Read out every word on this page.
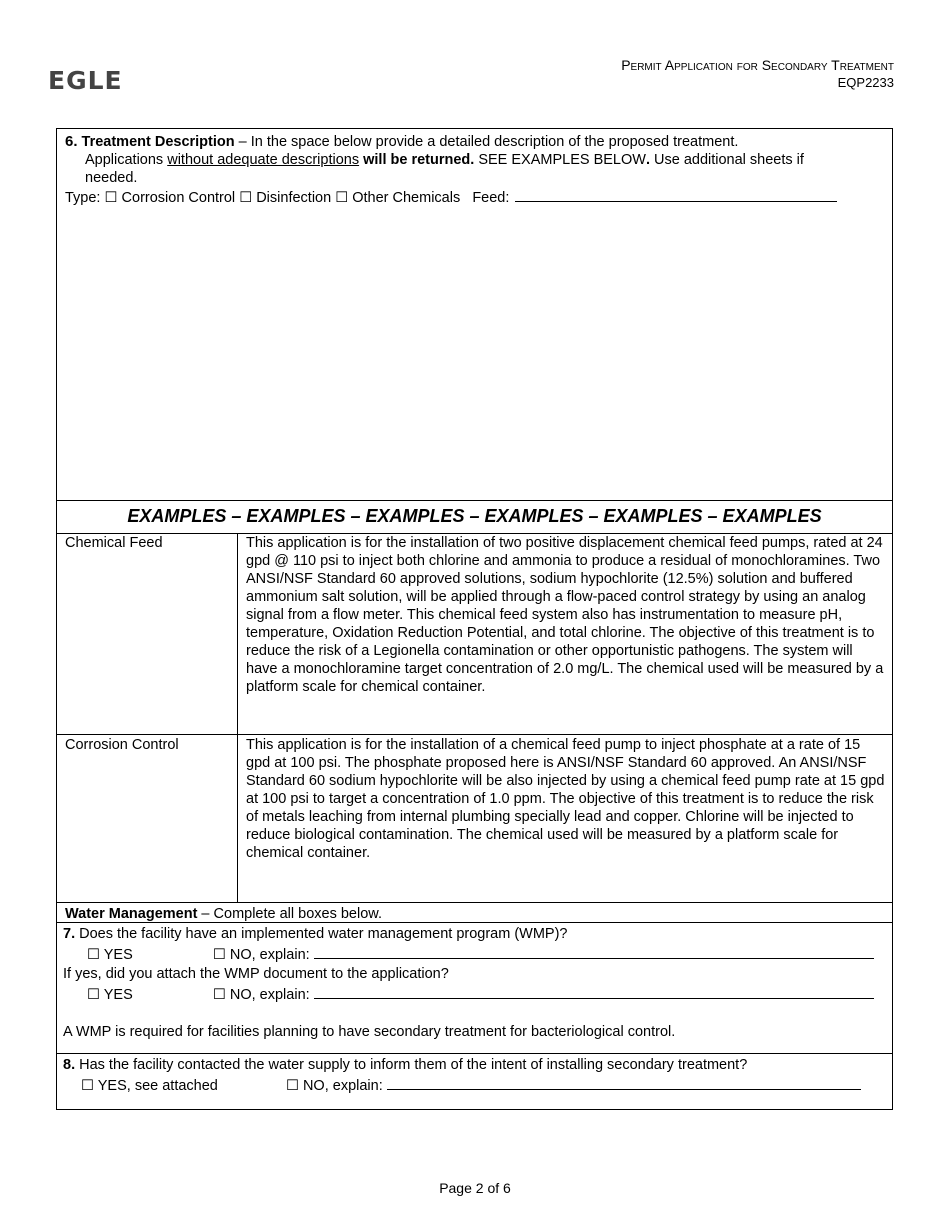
EGLE
Permit Application for Secondary Treatment
EQP2233
6. Treatment Description – In the space below provide a detailed description of the proposed treatment.
Applications without adequate descriptions will be returned. SEE EXAMPLES BELOW. Use additional sheets if
needed.
Type: ☐ Corrosion Control ☐ Disinfection ☐ Other Chemicals Feed:
EXAMPLES – EXAMPLES – EXAMPLES – EXAMPLES – EXAMPLES – EXAMPLES
Chemical Feed	This application is for the installation of two positive displacement chemical feed pumps, rated at 24 gpd @ 110 psi to inject both chlorine and ammonia to produce a residual of monochloramines. Two ANSI/NSF Standard 60 approved solutions, sodium hypochlorite (12.5%) solution and buffered ammonium salt solution, will be applied through a flow-paced control strategy by using an analog signal from a flow meter. This chemical feed system also has instrumentation to measure pH, temperature, Oxidation Reduction Potential, and total chlorine. The objective of this treatment is to reduce the risk of a Legionella contamination or other opportunistic pathogens. The system will have a monochloramine target concentration of 2.0 mg/L. The chemical used will be measured by a platform scale for chemical container.
Corrosion Control	This application is for the installation of a chemical feed pump to inject phosphate at a rate of 15 gpd at 100 psi. The phosphate proposed here is ANSI/NSF Standard 60 approved. An ANSI/NSF Standard 60 sodium hypochlorite will be also injected by using a chemical feed pump rate at 15 gpd at 100 psi to target a concentration of 1.0 ppm. The objective of this treatment is to reduce the risk of metals leaching from internal plumbing specially lead and copper. Chlorine will be injected to reduce biological contamination. The chemical used will be measured by a platform scale for chemical container.
Water Management – Complete all boxes below.
7. Does the facility have an implemented water management program (WMP)?
☐ YES	☐ NO, explain:
If yes, did you attach the WMP document to the application?
☐ YES	☐ NO, explain:
A WMP is required for facilities planning to have secondary treatment for bacteriological control.
8. Has the facility contacted the water supply to inform them of the intent of installing secondary treatment?
☐ YES, see attached	☐ NO, explain:
Page 2 of 6
